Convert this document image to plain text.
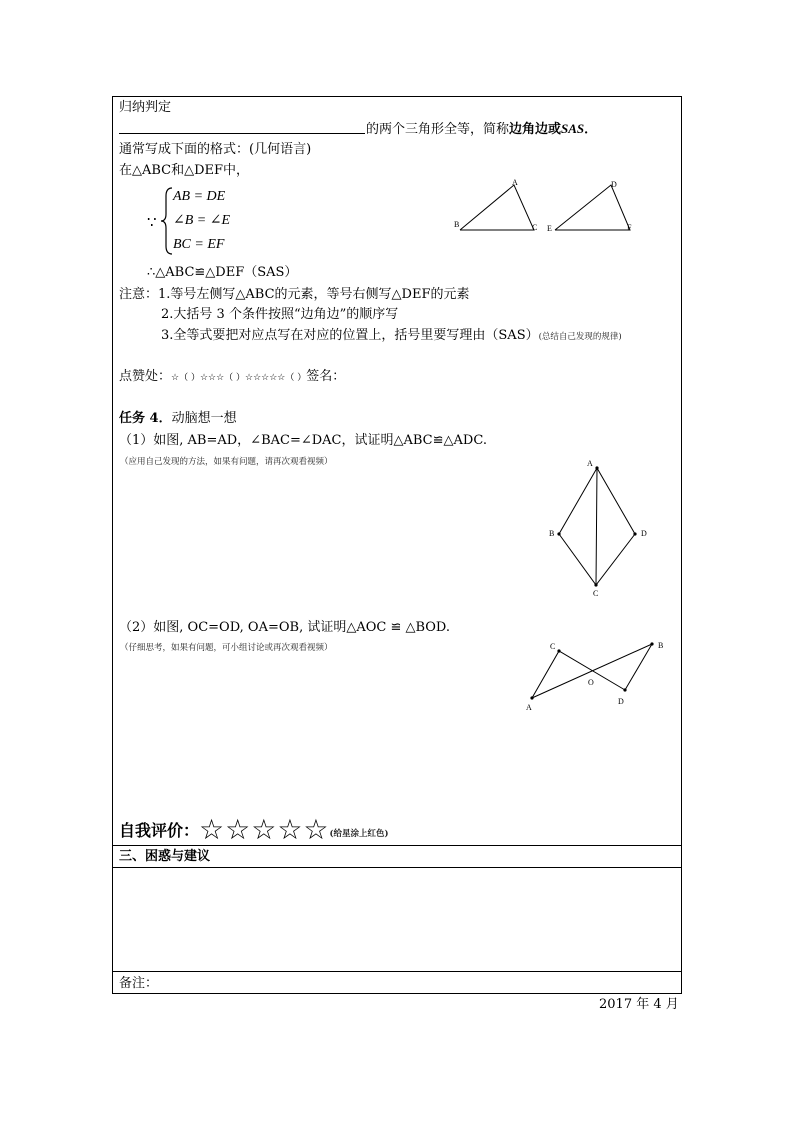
归纳判定
的两个三角形全等，简称边角边或SAS．
通常写成下面的格式：(几何语言)
在△ABC和△DEF中，
∵
AB = DE
∠B = ∠E
BC = EF
∴△ABC≌△DEF（SAS）
A
B	C
D
E	F
注意：1.等号左侧写△ABC的元素，等号右侧写△DEF的元素
2.大括号 3 个条件按照“边角边”的顺序写
3.全等式要把对应点写在对应的位置上，括号里要写理由（SAS）(总结自己发现的规律)
点赞处：☆（ ）☆☆☆（ ）☆☆☆☆☆（ ）签名：
任务 4．动脑想一想
（1）如图, AB=AD，∠BAC=∠DAC，试证明△ABC≌△ADC.
（应用自己发现的方法，如果有问题，请再次观看视频）	A
B
C
D
（2）如图, OC=OD, OA=OB, 试证明△AOC ≌ △BOD.
（仔细思考，如果有问题，可小组讨论或再次观看视频）
A
B
C
D
O
自我评价：☆☆☆☆☆(给星涂上红色)
三、困惑与建议
备注：
2017 年 4 月
